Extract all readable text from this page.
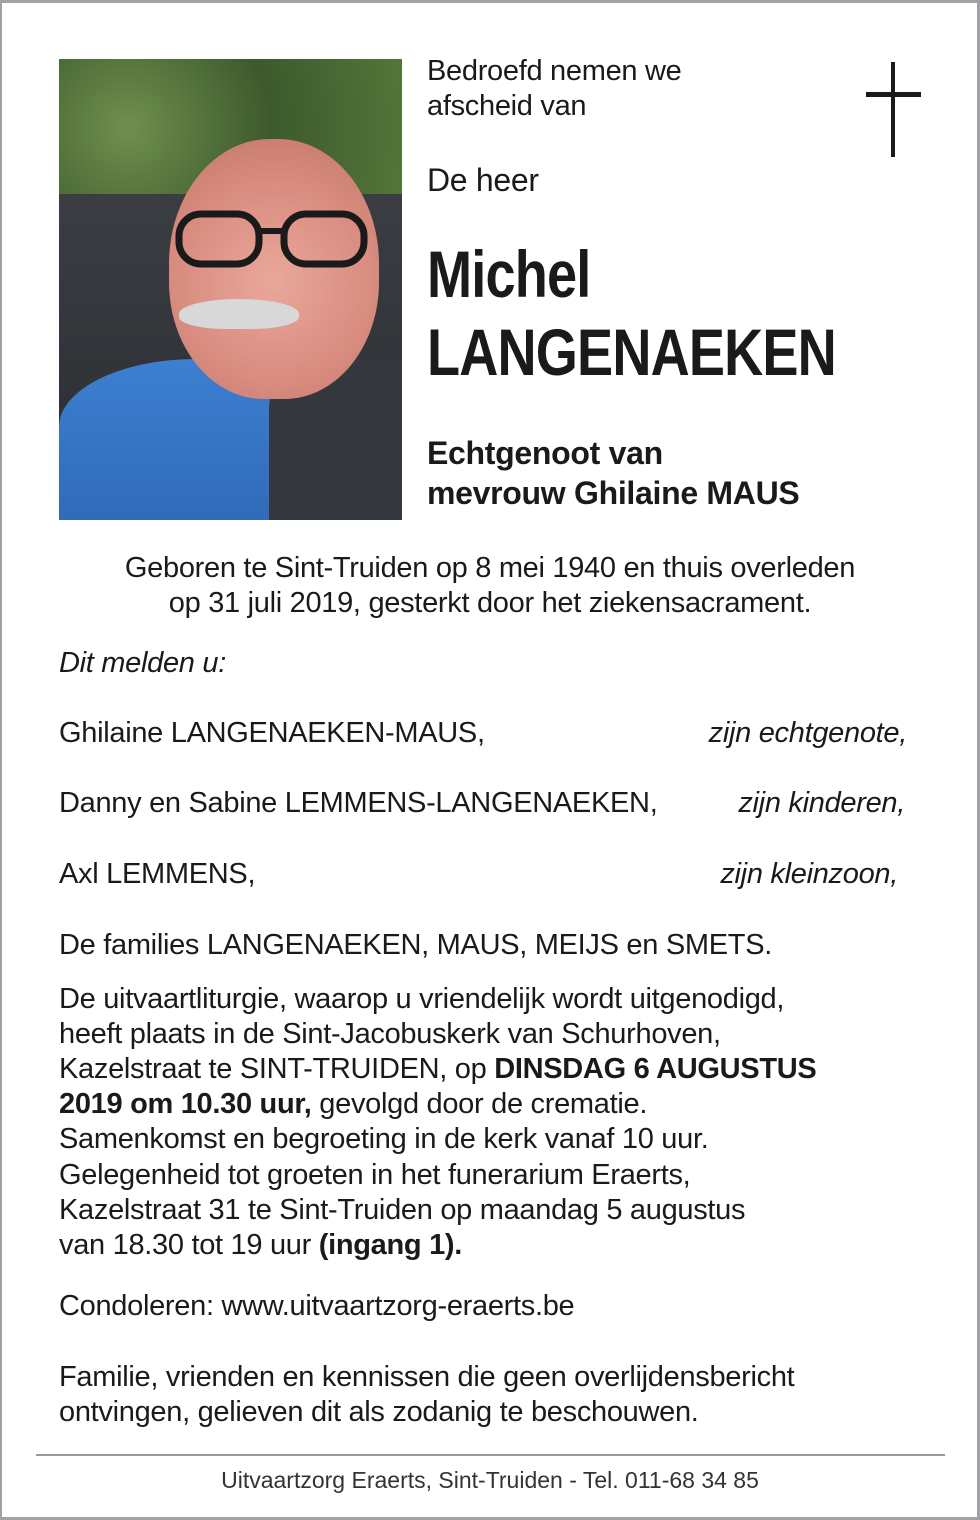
Bedroefd nemen we
afscheid van
De heer
Michel
LANGENAEKEN
Echtgenoot van
mevrouw Ghilaine MAUS
Geboren te Sint-Truiden op 8 mei 1940 en thuis overleden
op 31 juli 2019, gesterkt door het ziekensacrament.
Dit melden u:
Ghilaine LANGENAEKEN-MAUS,	zijn echtgenote,
Danny en Sabine LEMMENS-LANGENAEKEN,	zijn kinderen,
Axl LEMMENS,	zijn kleinzoon,
De families LANGENAEKEN, MAUS, MEIJS en SMETS.
De uitvaartliturgie, waarop u vriendelijk wordt uitgenodigd,
heeft plaats in de Sint-Jacobuskerk van Schurhoven,
Kazelstraat te SINT-TRUIDEN, op DINSDAG 6 AUGUSTUS
2019 om 10.30 uur, gevolgd door de crematie.
Samenkomst en begroeting in de kerk vanaf 10 uur.
Gelegenheid tot groeten in het funerarium Eraerts,
Kazelstraat 31 te Sint-Truiden op maandag 5 augustus
van 18.30 tot 19 uur (ingang 1).
Condoleren: www.uitvaartzorg-eraerts.be
Familie, vrienden en kennissen die geen overlijdensbericht
ontvingen, gelieven dit als zodanig te beschouwen.
Uitvaartzorg Eraerts, Sint-Truiden - Tel. 011-68 34 85
